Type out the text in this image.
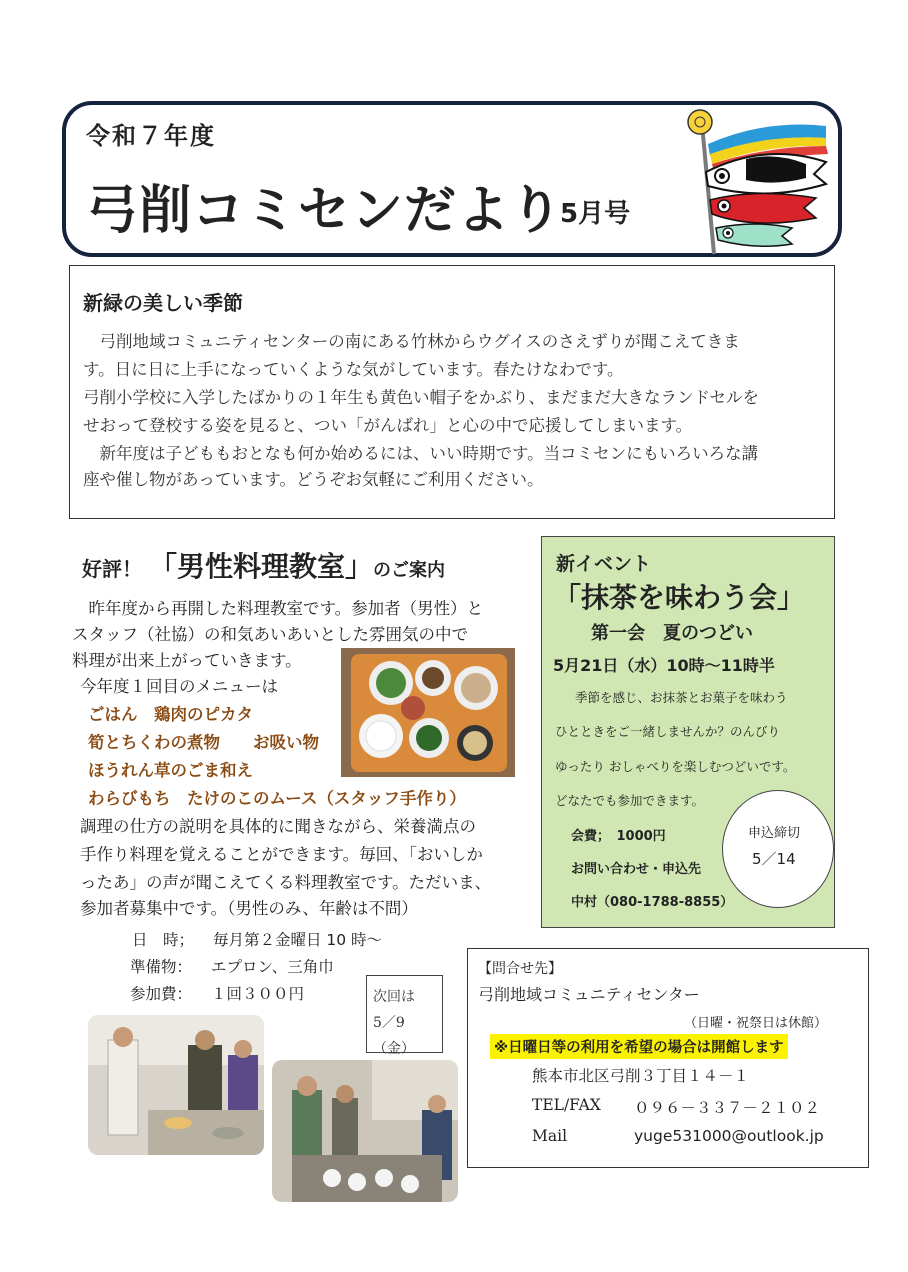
令和７年度
弓削コミセンだより
5月号
新緑の美しい季節
　弓削地域コミュニティセンターの南にある竹林からウグイスのさえずりが聞こえてきま
す。日に日に上手になっていくような気がしています。春たけなわです。
弓削小学校に入学したばかりの１年生も黄色い帽子をかぶり、まだまだ大きなランドセルを
せおって登校する姿を見ると、つい「がんばれ」と心の中で応援してしまいます。
　新年度は子どももおとなも何か始めるには、いい時期です。当コミセンにもいろいろな講
座や催し物があっています。どうぞお気軽にご利用ください。
好評！ 「男性料理教室」のご案内
　昨年度から再開した料理教室です。参加者（男性）と
スタッフ（社協）の和気あいあいとした雰囲気の中で
料理が出来上がっていきます。
今年度１回目のメニューは
ごはん　鶏肉のピカタ
筍とちくわの煮物　　お吸い物
ほうれん草のごま和え
わらびもち　たけのこのムース（スタッフ手作り）
調理の仕方の説明を具体的に聞きながら、栄養満点の
手作り料理を覚えることができます。毎回、「おいしか
ったあ」の声が聞こえてくる料理教室です。ただいま、
参加者募集中です。（男性のみ、年齢は不問）
日　時； 毎月第２金曜日 10 時～
準備物： エプロン、三角巾
参加費： １回３００円	次回は
5／9（金）
新イベント
「抹茶を味わう会」
第一会　夏のつどい
5月21日（水）10時～11時半
季節を感じ、お抹茶とお菓子を味わう
ひとときをご一緒しませんか？のんびり
ゆったり おしゃべりを楽しむつどいです。
どなたでも参加できます。
会費；　1000円
お問い合わせ・申込先
中村（080-1788-8855）
申込締切
5／14
【問合せ先】
弓削地域コミュニティセンター
（日曜・祝祭日は休館）
※日曜日等の利用を希望の場合は開館します
熊本市北区弓削３丁目１４－１
TEL/FAX ０９６－３３７－２１０２
Mail	yuge531000@outlook.jp
